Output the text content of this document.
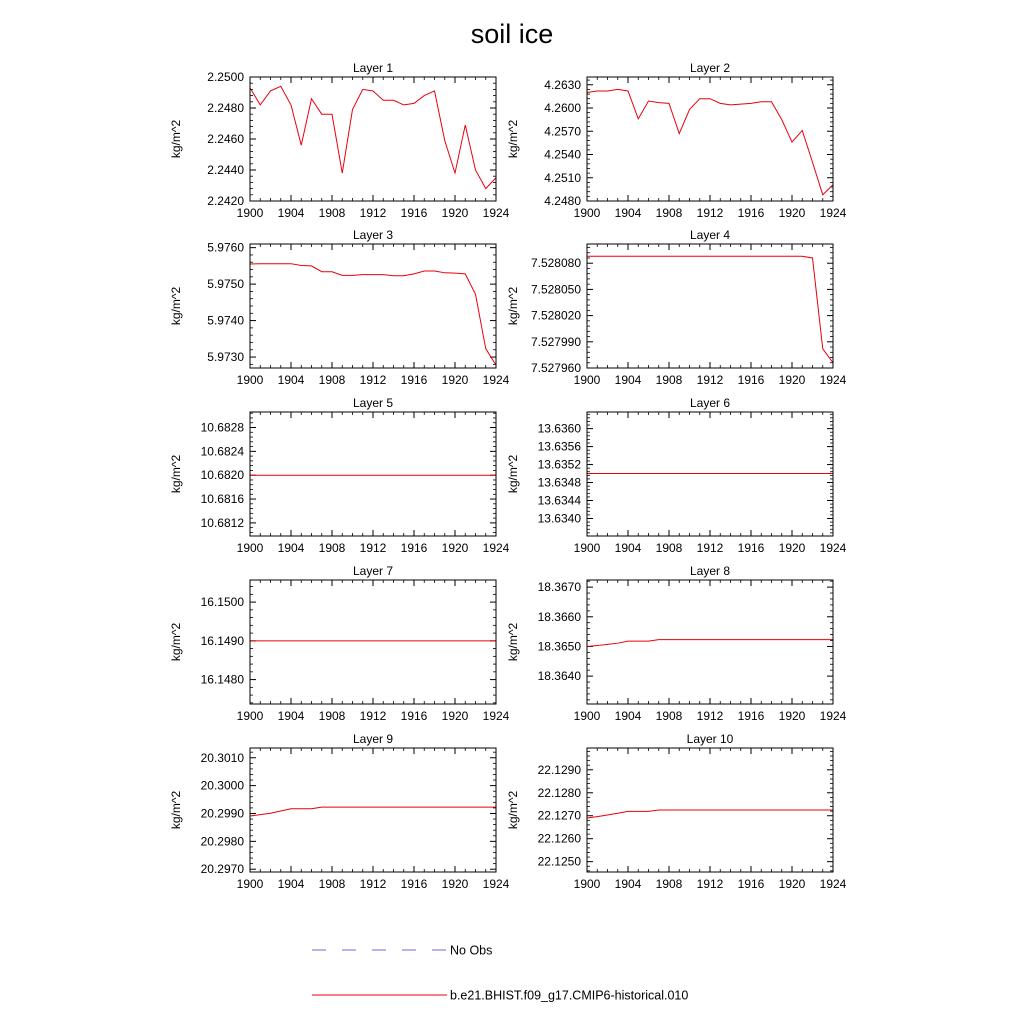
soil ice
Layer 1
kg/m^2
1900 1904 1908 1912 1916 1920 1924
2.2420
2.2440
2.2460
2.2480
2.2500
Layer 2
kg/m^2
1900 1904 1908 1912 1916 1920 1924
4.2480
4.2510
4.2540
4.2570
4.2600
4.2630
Layer 3
kg/m^2
1900 1904 1908 1912 1916 1920 1924
5.9730
5.9740
5.9750
5.9760
Layer 4
kg/m^2
1900 1904 1908 1912 1916 1920 1924
7.527960
7.527990
7.528020
7.528050
7.528080
Layer 5
kg/m^2
1900 1904 1908 1912 1916 1920 1924
10.6812
10.6816
10.6820
10.6824
10.6828
Layer 6
kg/m^2
1900 1904 1908 1912 1916 1920 1924
13.6340
13.6344
13.6348
13.6352
13.6356
13.6360
Layer 7
kg/m^2
1900 1904 1908 1912 1916 1920 1924
16.1480
16.1490
16.1500
Layer 8
kg/m^2
1900 1904 1908 1912 1916 1920 1924
18.3640
18.3650
18.3660
18.3670
Layer 9
kg/m^2
1900 1904 1908 1912 1916 1920 1924
20.2970
20.2980
20.2990
20.3000
20.3010
Layer 10
kg/m^2
1900 1904 1908 1912 1916 1920 1924
22.1250
22.1260
22.1270
22.1280
22.1290
No Obs
b.e21.BHIST.f09_g17.CMIP6-historical.010
